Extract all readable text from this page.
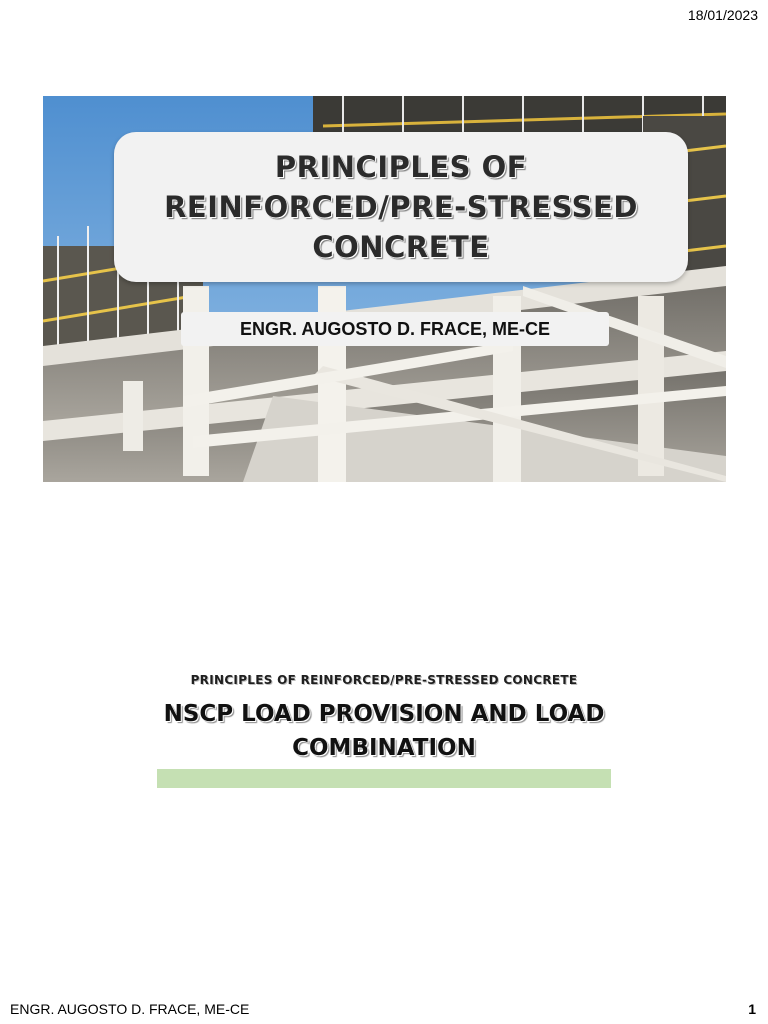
18/01/2023
PRINCIPLES OF REINFORCED/PRE-STRESSED CONCRETE
ENGR. AUGOSTO D. FRACE, ME-CE
PRINCIPLES OF REINFORCED/PRE-STRESSED CONCRETE
NSCP LOAD PROVISION AND LOAD COMBINATION
ENGR. AUGOSTO D. FRACE, ME-CE	1
